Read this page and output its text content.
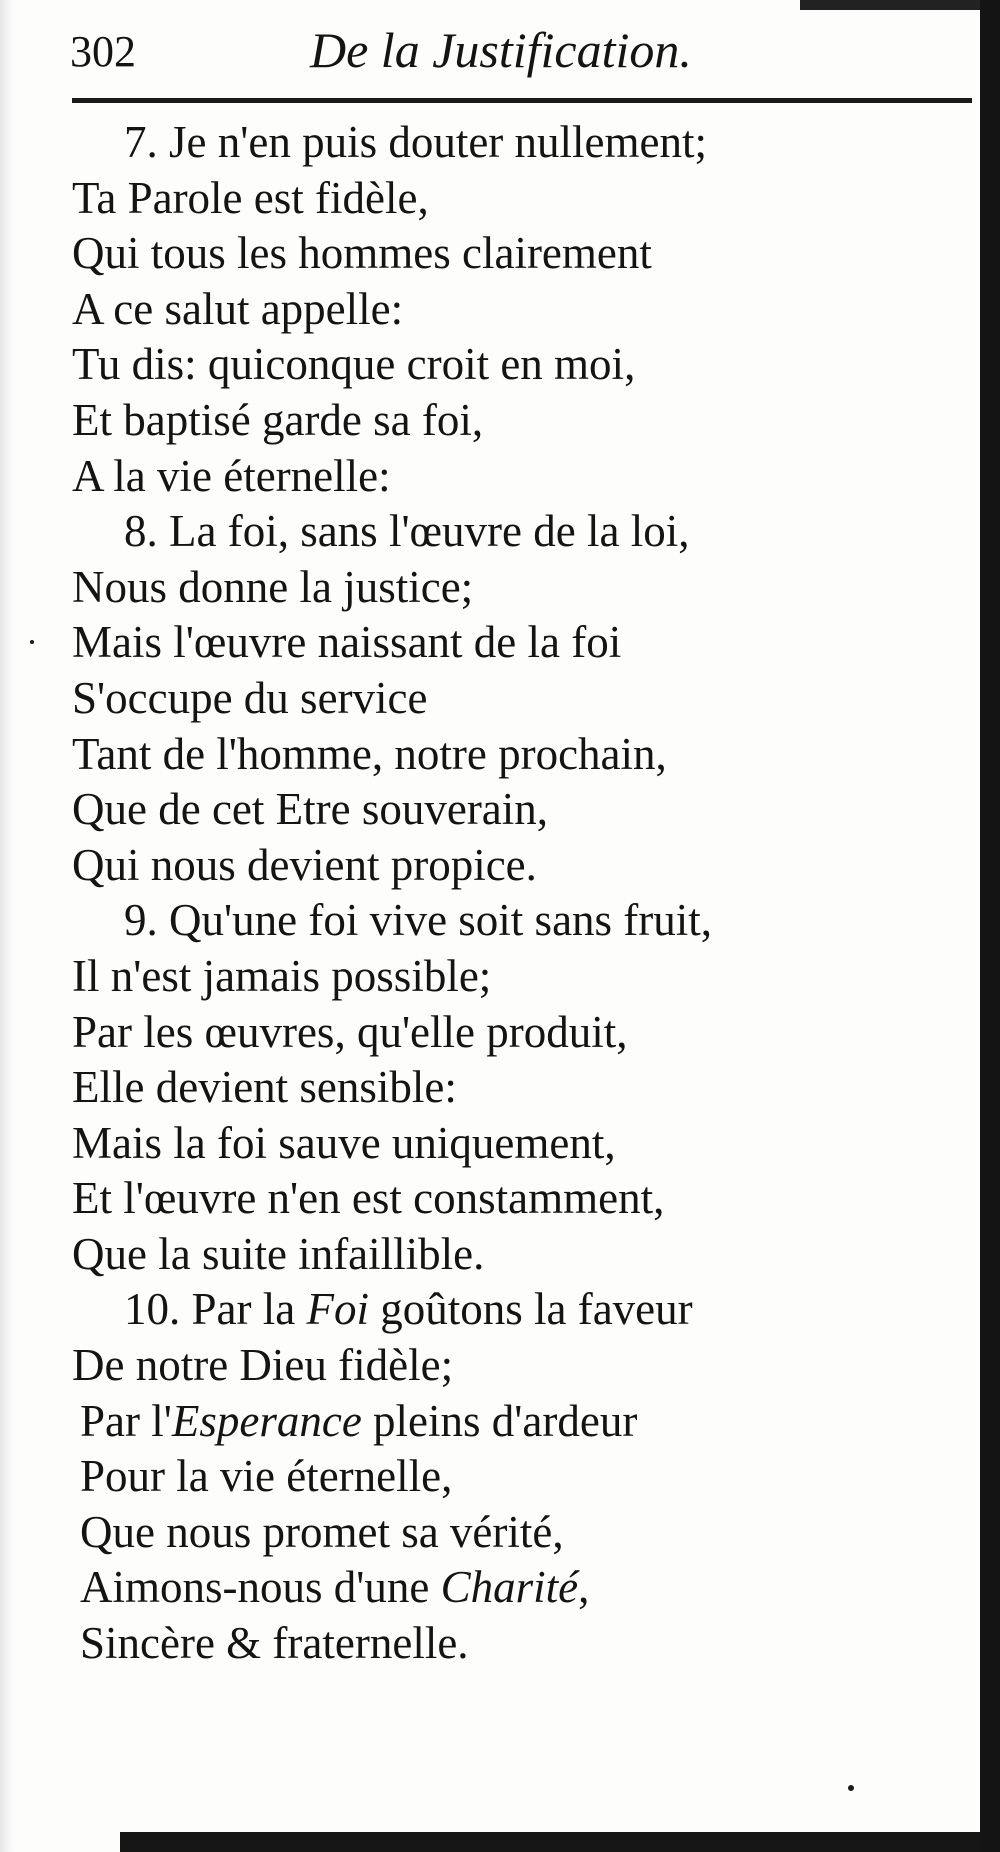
302	De la Justification.
7. Je n'en puis douter nullement;
Ta Parole est fidèle,
Qui tous les hommes clairement
A ce salut appelle:
Tu dis: quiconque croit en moi,
Et baptisé garde sa foi,
A la vie éternelle:
8. La foi, sans l'œuvre de la loi,
Nous donne la justice;
Mais l'œuvre naissant de la foi
S'occupe du service
Tant de l'homme, notre prochain,
Que de cet Etre souverain,
Qui nous devient propice.
9. Qu'une foi vive soit sans fruit,
Il n'est jamais possible;
Par les œuvres, qu'elle produit,
Elle devient sensible:
Mais la foi sauve uniquement,
Et l'œuvre n'en est constamment,
Que la suite infaillible.
10. Par la Foi goûtons la faveur
De notre Dieu fidèle;
Par l'Esperance pleins d'ardeur
Pour la vie éternelle,
Que nous promet sa vérité,
Aimons-nous d'une Charité,
Sincère & fraternelle.
